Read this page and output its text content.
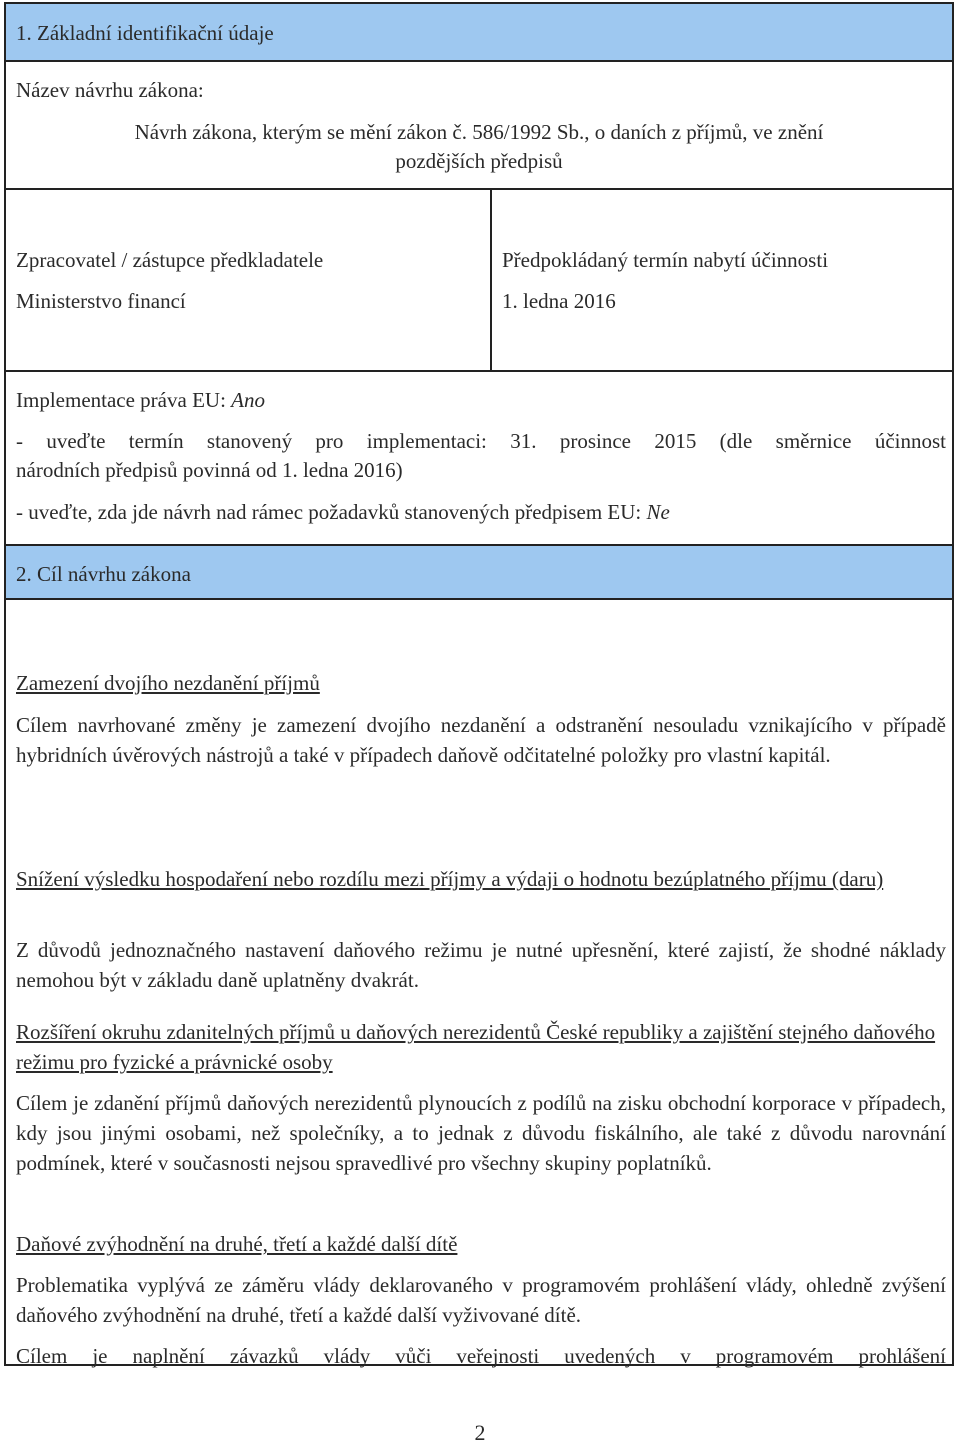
1. Základní identifikační údaje
Název návrhu zákona:
Návrh zákona, kterým se mění zákon č. 586/1992 Sb., o daních z příjmů, ve znění
pozdějších předpisů
Zpracovatel / zástupce předkladatele
Ministerstvo financí
Předpokládaný termín nabytí účinnosti
1. ledna 2016
Implementace práva EU: Ano
- uveďte termín stanovený pro implementaci: 31. prosince 2015 (dle směrnice účinnost
národních předpisů povinná od 1. ledna 2016)
- uveďte, zda jde návrh nad rámec požadavků stanovených předpisem EU: Ne
2. Cíl návrhu zákona
Zamezení dvojího nezdanění příjmů
Cílem navrhované změny je zamezení dvojího nezdanění a odstranění nesouladu vznikajícího v případě hybridních úvěrových nástrojů a také v případech daňově odčitatelné položky pro vlastní kapitál.
Snížení výsledku hospodaření nebo rozdílu mezi příjmy a výdaji o hodnotu bezúplatného příjmu (daru)
Z důvodů jednoznačného nastavení daňového režimu je nutné upřesnění, které zajistí, že shodné náklady nemohou být v základu daně uplatněny dvakrát.
Rozšíření okruhu zdanitelných příjmů u daňových nerezidentů České republiky a zajištění stejného daňového režimu pro fyzické a právnické osoby
Cílem je zdanění příjmů daňových nerezidentů plynoucích z podílů na zisku obchodní korporace v případech, kdy jsou jinými osobami, než společníky, a to jednak z důvodu fiskálního, ale také z důvodu narovnání podmínek, které v současnosti nejsou spravedlivé pro všechny skupiny poplatníků.
Daňové zvýhodnění na druhé, třetí a každé další dítě
Problematika vyplývá ze záměru vlády deklarovaného v programovém prohlášení vlády, ohledně zvýšení daňového zvýhodnění na druhé, třetí a každé další vyživované dítě.
Cílem je naplnění závazků vlády vůči veřejnosti uvedených v programovém prohlášení
2
